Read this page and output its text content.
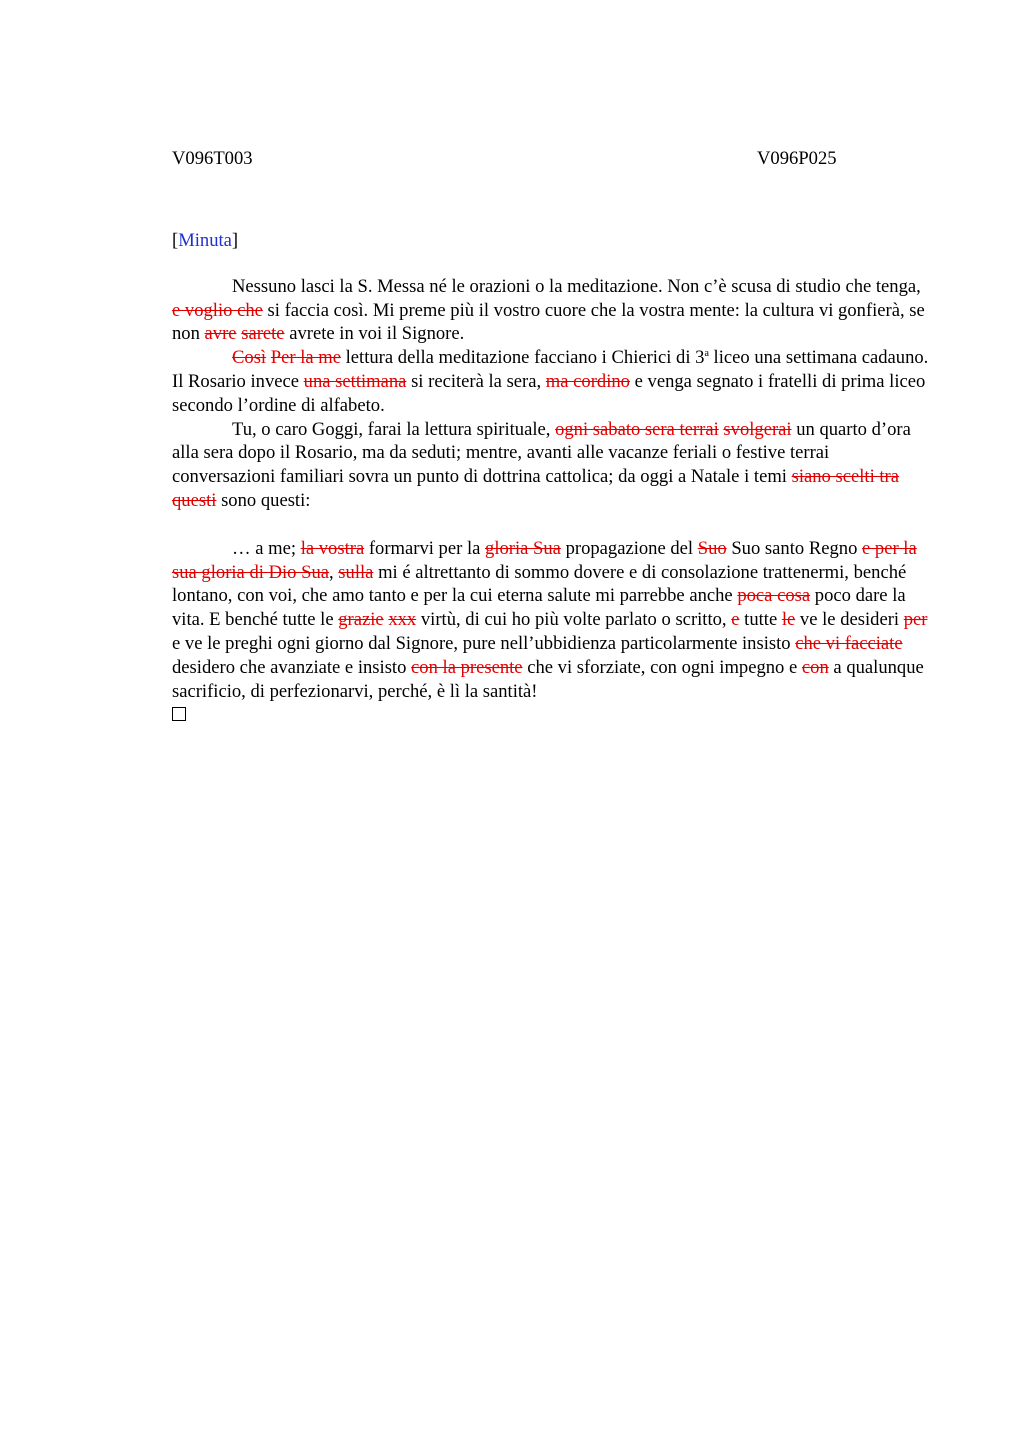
V096T003	V096P025
[Minuta]

Nessuno lasci la S. Messa né le orazioni o la meditazione. Non c’è scusa di studio che tenga, e voglio che si faccia così. Mi preme più il vostro cuore che la vostra mente: la cultura vi gonfierà, se non avre sarete avrete in voi il Signore.

Così Per la me lettura della meditazione facciano i Chierici di 3$^a$ liceo una settimana cadauno. Il Rosario invece una settimana si reciterà la sera, ma cordino e venga segnato i fratelli di prima liceo secondo l’ordine di alfabeto.

Tu, o caro Goggi, farai la lettura spirituale, ogni sabato sera terrai svolgerai un quarto d’ora alla sera dopo il Rosario, ma da seduti; mentre, avanti alle vacanze feriali o festive terrai conversazioni familiari sovra un punto di dottrina cattolica; da oggi a Natale i temi siano scelti tra questi sono questi:

… a me; la vostra formarvi per la gloria Sua propagazione del Suo Suo santo Regno e per la sua gloria di Dio Sua, sulla mi é altrettanto di sommo dovere e di consolazione trattenermi, benché lontano, con voi, che amo tanto e per la cui eterna salute mi parrebbe anche poca cosa poco dare la vita. E benché tutte le grazie xxx virtù, di cui ho più volte parlato o scritto, e tutte le ve le desideri per e ve le preghi ogni giorno dal Signore, pure nell’ubbidienza particolarmente insisto che vi facciate desidero che avanziate e insisto con la presente che vi sforziate, con ogni impegno e con a qualunque sacrificio, di perfezionarvi, perché, è lì la santità!
